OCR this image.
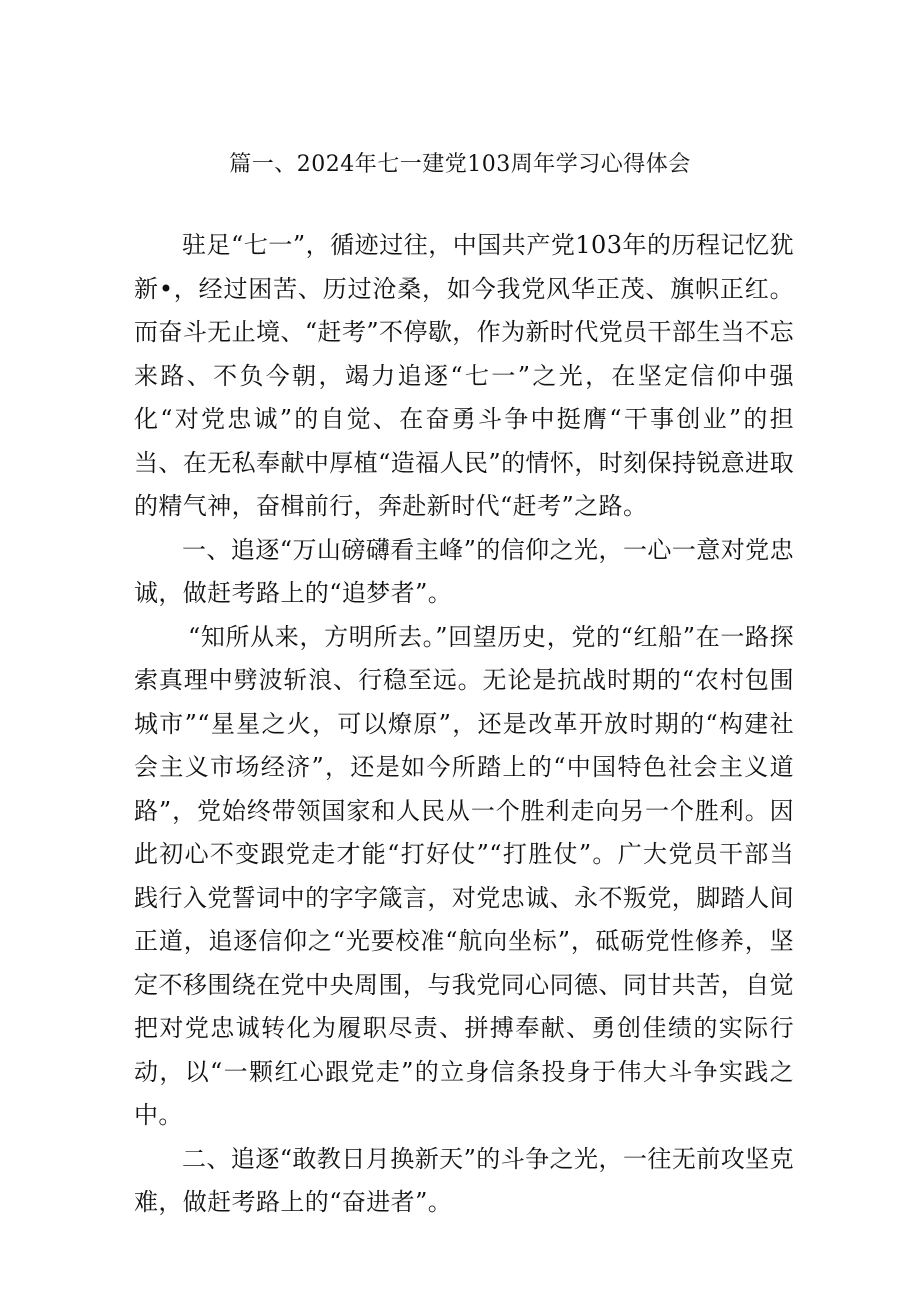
篇一、2024年七一建党103周年学习心得体会

驻足“七一”，循迹过往，中国共产党103年的历程记忆犹新•，经过困苦、历过沧桑，如今我党风华正茂、旗帜正红。而奋斗无止境、“赶考”不停歇，作为新时代党员干部生当不忘来路、不负今朝，竭力追逐“七一”之光，在坚定信仰中强化“对党忠诚”的自觉、在奋勇斗争中挺膺“干事创业”的担当、在无私奉献中厚植“造福人民”的情怀，时刻保持锐意进取的精气神，奋楫前行，奔赴新时代“赶考”之路。

一、追逐“万山磅礴看主峰”的信仰之光，一心一意对党忠诚，做赶考路上的“追梦者”。

“知所从来，方明所去。”回望历史，党的“红船”在一路探索真理中劈波斩浪、行稳至远。无论是抗战时期的“农村包围城市”“星星之火，可以燎原”，还是改革开放时期的“构建社会主义市场经济”，还是如今所踏上的“中国特色社会主义道路”，党始终带领国家和人民从一个胜利走向另一个胜利。因此初心不变跟党走才能“打好仗”“打胜仗”。广大党员干部当践行入党誓词中的字字箴言，对党忠诚、永不叛党，脚踏人间正道，追逐信仰之“光要校准“航向坐标”，砥砺党性修养，坚定不移围绕在党中央周围，与我党同心同德、同甘共苦，自觉把对党忠诚转化为履职尽责、拼搏奉献、勇创佳绩的实际行动，以“一颗红心跟党走”的立身信条投身于伟大斗争实践之中。

二、追逐“敢教日月换新天”的斗争之光，一往无前攻坚克难，做赶考路上的“奋进者”。
